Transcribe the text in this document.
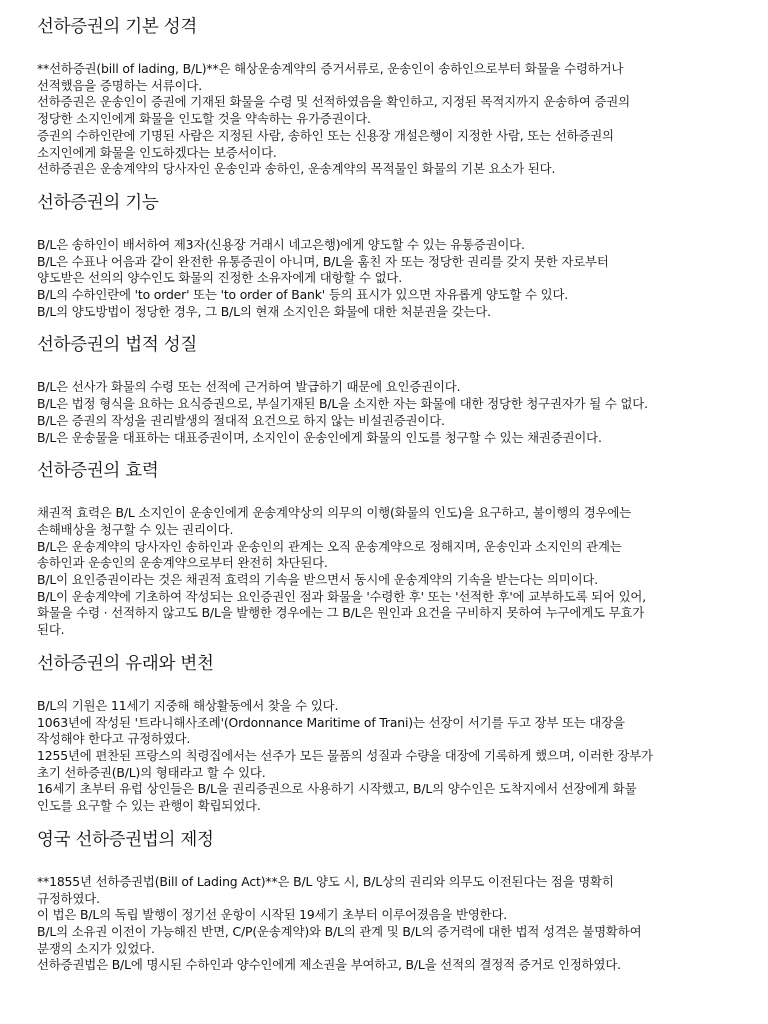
선하증권의 기본 성격

**선하증권(bill of lading, B/L)**은 해상운송계약의 증거서류로, 운송인이 송하인으로부터 화물을 수령하거나
선적했음을 증명하는 서류이다.

선하증권은 운송인이 증권에 기재된 화물을 수령 및 선적하였음을 확인하고, 지정된 목적지까지 운송하여 증권의
정당한 소지인에게 화물을 인도할 것을 약속하는 유가증권이다.

증권의 수하인란에 기명된 사람은 지정된 사람, 송하인 또는 신용장 개설은행이 지정한 사람, 또는 선하증권의
소지인에게 화물을 인도하겠다는 보증서이다.

선하증권은 운송계약의 당사자인 운송인과 송하인, 운송계약의 목적물인 화물의 기본 요소가 된다.

선하증권의 기능

B/L은 송하인이 배서하여 제3자(신용장 거래시 네고은행)에게 양도할 수 있는 유통증권이다.

B/L은 수표나 어음과 같이 완전한 유통증권이 아니며, B/L을 훔친 자 또는 정당한 권리를 갖지 못한 자로부터
양도받은 선의의 양수인도 화물의 진정한 소유자에게 대항할 수 없다.

B/L의 수하인란에 'to order' 또는 'to order of Bank' 등의 표시가 있으면 자유롭게 양도할 수 있다.

B/L의 양도방법이 정당한 경우, 그 B/L의 현재 소지인은 화물에 대한 처분권을 갖는다.

선하증권의 법적 성질

B/L은 선사가 화물의 수령 또는 선적에 근거하여 발급하기 때문에 요인증권이다.

B/L은 법정 형식을 요하는 요식증권으로, 부실기재된 B/L을 소지한 자는 화물에 대한 정당한 청구권자가 될 수 없다.

B/L은 증권의 작성을 권리발생의 절대적 요건으로 하지 않는 비설권증권이다.

B/L은 운송물을 대표하는 대표증권이며, 소지인이 운송인에게 화물의 인도를 청구할 수 있는 채권증권이다.

선하증권의 효력

채권적 효력은 B/L 소지인이 운송인에게 운송계약상의 의무의 이행(화물의 인도)을 요구하고, 불이행의 경우에는
손해배상을 청구할 수 있는 권리이다.

B/L은 운송계약의 당사자인 송하인과 운송인의 관계는 오직 운송계약으로 정해지며, 운송인과 소지인의 관계는
송하인과 운송인의 운송계약으로부터 완전히 차단된다.

B/L이 요인증권이라는 것은 채권적 효력의 기속을 받으면서 동시에 운송계약의 기속을 받는다는 의미이다.

B/L이 운송계약에 기초하여 작성되는 요인증권인 점과 화물을 '수령한 후' 또는 '선적한 후'에 교부하도록 되어 있어,
화물을 수령 · 선적하지 않고도 B/L을 발행한 경우에는 그 B/L은 원인과 요건을 구비하지 못하여 누구에게도 무효가
된다.

선하증권의 유래와 변천

B/L의 기원은 11세기 지중해 해상활동에서 찾을 수 있다.

1063년에 작성된 '트라니해사조례'(Ordonnance Maritime of Trani)는 선장이 서기를 두고 장부 또는 대장을
작성해야 한다고 규정하였다.

1255년에 편찬된 프랑스의 칙령집에서는 선주가 모든 물품의 성질과 수량을 대장에 기록하게 했으며, 이러한 장부가
초기 선하증권(B/L)의 형태라고 할 수 있다.

16세기 초부터 유럽 상인들은 B/L을 권리증권으로 사용하기 시작했고, B/L의 양수인은 도착지에서 선장에게 화물
인도를 요구할 수 있는 관행이 확립되었다.

영국 선하증권법의 제정

**1855년 선하증권법(Bill of Lading Act)**은 B/L 양도 시, B/L상의 권리와 의무도 이전된다는 점을 명확히
규정하였다.

이 법은 B/L의 독립 발행이 정기선 운항이 시작된 19세기 초부터 이루어졌음을 반영한다.

B/L의 소유권 이전이 가능해진 반면, C/P(운송계약)와 B/L의 관계 및 B/L의 증거력에 대한 법적 성격은 불명확하여
분쟁의 소지가 있었다.

선하증권법은 B/L에 명시된 수하인과 양수인에게 제소권을 부여하고, B/L을 선적의 결정적 증거로 인정하였다.
